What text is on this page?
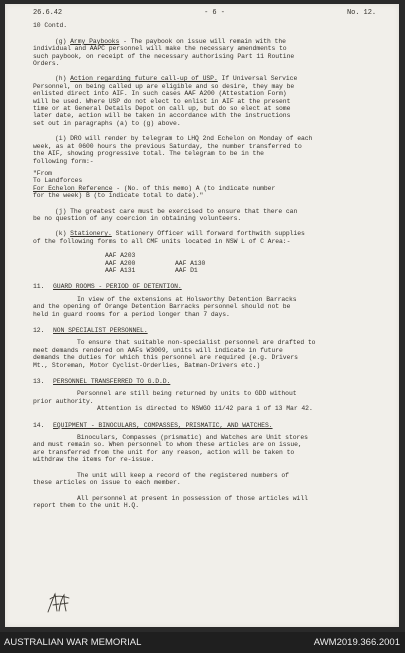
26.6.42	- 6 -	No. 12.
10 Contd.
(g) Army Paybooks - The paybook on issue will remain with the
individual and AAPC personnel will make the necessary amendments to
such paybook, on receipt of the necessary authorising Part 11 Routine
Orders.
(h) Action regarding future call-up of USP. If Universal Service
Personnel, on being called up are eligible and so desire, they may be
enlisted direct into AIF. In such cases AAF A200 (Attestation Form)
will be used. Where USP do not elect to enlist in AIF at the present
time or at General Details Depot on call up, but do so elect at some
later date, action will be taken in accordance with the instructions
set out in paragraphs (a) to (g) above.
(i) DRO will render by telegram to LHQ 2nd Echelon on Monday of each
week, as at 0600 hours the previous Saturday, the number transferred to
the AIF, showing progressive total. The telegram to be in the
following form:-
"From
To Landforces
For Echelon Reference - (No. of this memo) A (to indicate number
for the week) B (to indicate total to date)."
(j) The greatest care must be exercised to ensure that there can
be no question of any coercion in obtaining volunteers.
(k) Stationery. Stationery Officer will forward forthwith supplies
of the following forms to all CMF units located in NSW L of C Area:-
AAF A203
AAF A200	AAF A130
AAF A131	AAF D1
11.	GUARD ROOMS - PERIOD OF DETENTION.
In view of the extensions at Holsworthy Detention Barracks
and the opening of Orange Detention Barracks personnel should not be
held in guard rooms for a period longer than 7 days.
12.	NON SPECIALIST PERSONNEL.
To ensure that suitable non-specialist personnel are drafted to
meet demands rendered on AAFs W3009, units will indicate in future
demands the duties for which this personnel are required (e.g. Drivers
Mt., Storeman, Motor Cyclist-Orderlies, Batman-Drivers etc.)
13.	PERSONNEL TRANSFERRED TO G.D.D.
Personnel are still being returned by units to GDD without
prior authority.
Attention is directed to NSWGO 11/42 para 1 of 13 Mar 42.
14.	EQUIPMENT - BINOCULARS, COMPASSES, PRISMATIC, AND WATCHES.
Binoculars, Compasses (prismatic) and Watches are Unit stores
and must remain so. When personnel to whom these articles are on issue,
are transferred from the unit for any reason, action will be taken to
withdraw the items for re-issue.
The unit will keep a record of the registered numbers of
these articles on issue to each member.
All personnel at present in possession of those articles will
report them to the unit H.Q.
AUSTRALIAN WAR MEMORIAL	AWM2019.366.2001
